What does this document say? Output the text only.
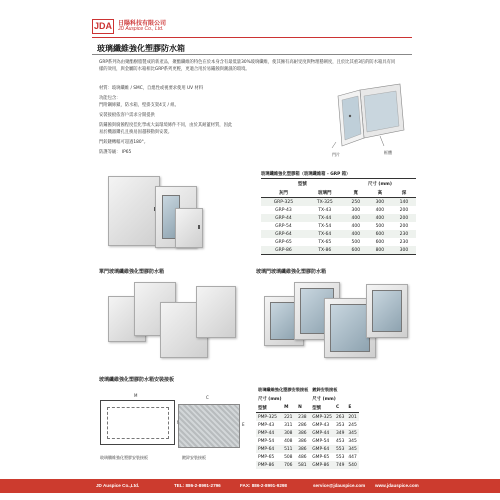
JDA	日陽科技有限公司
JD Auspice Co., Ltd.
玻璃纖維強化塑膠防水箱
GRP系列為由聚酯樹脂製成的新產品，聚酯纖維的特色在於本身含有最低量30%玻璃纖維，使其擁有高耐受度與物理穩韌度，且於比其重3倍的防水箱具有同樣的效用，與金屬防水箱相比GRP系列更輕，更適合用於易鏽蝕與潮濕的環境。
材質：玻璃纖維 / SMC，自熄性或視要求使用 UV 材料
功能包含：
門附鋼條鎖，防水箱，壁掛支架4支 / 組。
安裝接板依客戶需求分開提供
防鏽蝕與腐蝕程度佳化學或大氣環境條件不同，由於其耐蓋材質，因此
易於機器鑽孔且換易固越移動與安裝。
門鉸鏈轉幅可超過180°。
防護等級： IP65	門片	框體
玻璃纖維強化塑膠箱（玻璃纖維箱 - GRP 箱）
型號		尺寸 (mm)		
灰門	玻璃門	寬	高	深
GRP-325	TX-325	250	300	140
GRP-43	TX-43	300	400	200
GRP-44	TX-44	400	400	200
GRP-54	TX-54	400	500	200
GRP-64	TX-64	400	600	230
GRP-65	TX-65	500	600	230
GRP-86	TX-86	600	800	300
單門玻璃纖維強化塑膠防水箱	玻璃門玻璃纖維強化塑膠防水箱
玻璃纖維強化塑膠防水箱安裝接板
M	C
E
玻璃纖維強化塑膠安裝接板	鍍鋅安裝接板
玻璃纖維強化塑膠安裝接板			鍍鋅安裝接板		
尺寸 (mm)			尺寸 (mm)		
型號	M	N	型號	C	E
PMP-325	221	238	GMP-325	263	201
PMP-43	311	286	GMP-43	353	245
PMP-44	308	386	GMP-44	349	345
PMP-54	408	386	GMP-54	453	345
PMP-64	511	386	GMP-64	553	345
PMP-65	508	486	GMP-65	553	447
PMP-86	706	581	GMP-86	749	540
JD Auspice Co.,Ltd.	TEL: 886-2-8991-2796	FAX: 886-2-8991-9298	service@jdauspice.com www.jdauspice.com
